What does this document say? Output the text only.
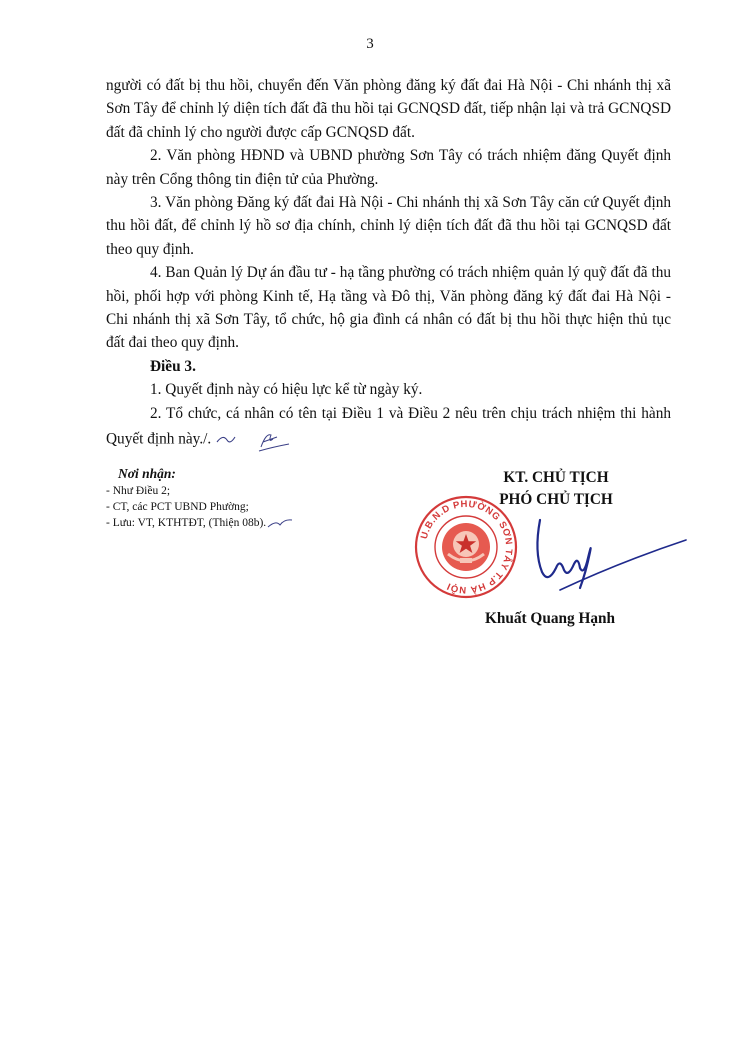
3

người có đất bị thu hồi, chuyển đến Văn phòng đăng ký đất đai Hà Nội - Chi nhánh thị xã Sơn Tây để chỉnh lý diện tích đất đã thu hồi tại GCNQSD đất, tiếp nhận lại và trả GCNQSD đất đã chỉnh lý cho người được cấp GCNQSD đất.

2. Văn phòng HĐND và UBND phường Sơn Tây có trách nhiệm đăng Quyết định này trên Cổng thông tin điện tử của Phường.

3. Văn phòng Đăng ký đất đai Hà Nội - Chi nhánh thị xã Sơn Tây căn cứ Quyết định thu hồi đất, để chỉnh lý hồ sơ địa chính, chỉnh lý diện tích đất đã thu hồi tại GCNQSD đất theo quy định.

4. Ban Quản lý Dự án đầu tư - hạ tầng phường có trách nhiệm quản lý quỹ đất đã thu hồi, phối hợp với phòng Kinh tế, Hạ tầng và Đô thị, Văn phòng đăng ký đất đai Hà Nội - Chi nhánh thị xã Sơn Tây, tổ chức, hộ gia đình cá nhân có đất bị thu hồi thực hiện thủ tục đất đai theo quy định.

Điều 3.

1. Quyết định này có hiệu lực kể từ ngày ký.

2. Tổ chức, cá nhân có tên tại Điều 1 và Điều 2 nêu trên chịu trách nhiệm thi hành Quyết định này./.

Nơi nhận:
- Như Điều 2;
- CT, các PCT UBND Phường;
- Lưu: VT, KTHTĐT, (Thiện 08b).
KT. CHỦ TỊCH
PHÓ CHỦ TỊCH
U.B.N.D PHƯỜNG SƠN TÂY T.P HÀ NỘI
Khuất Quang Hạnh
